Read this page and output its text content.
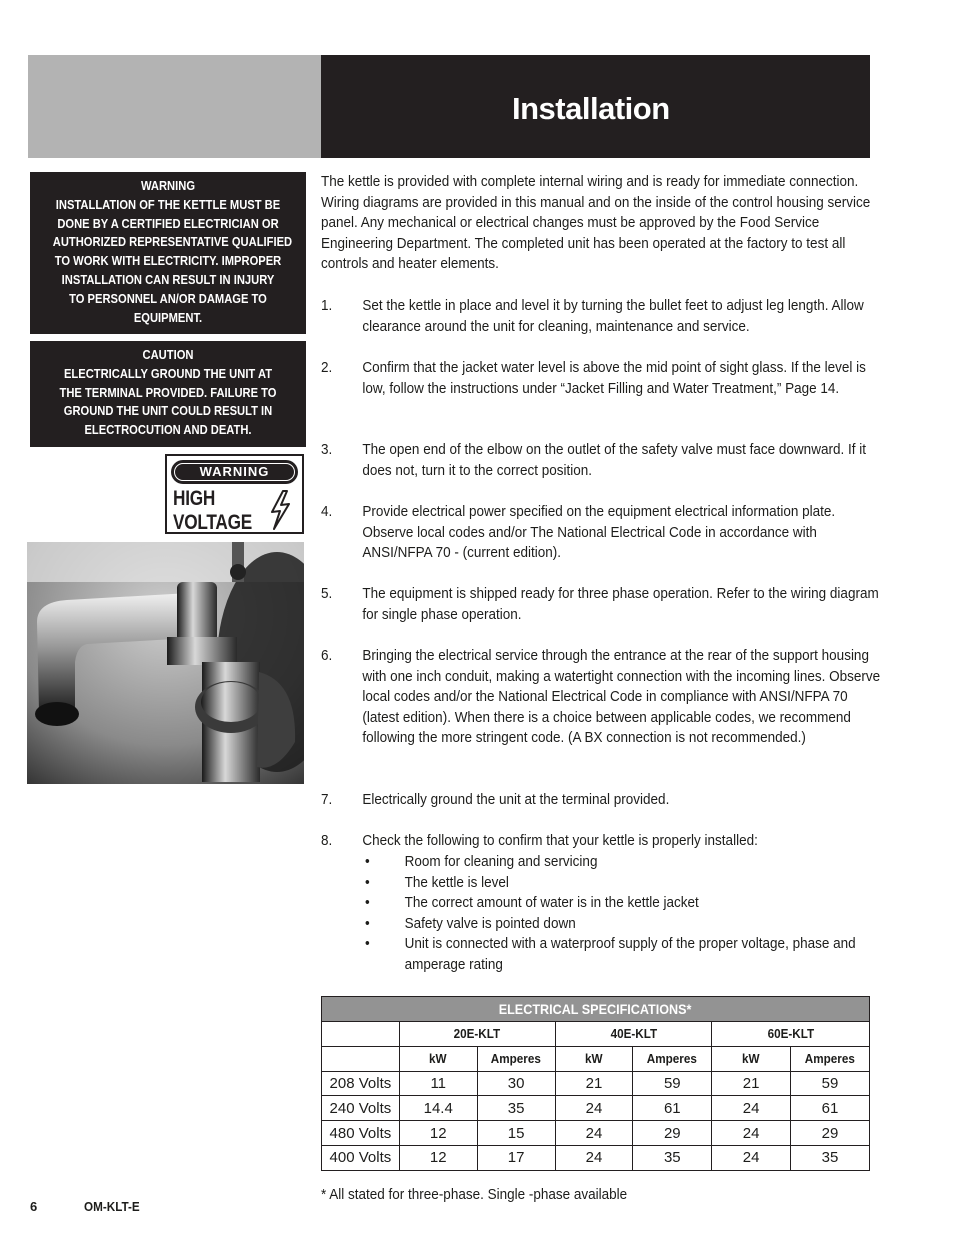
Installation
WARNING
INSTALLATION OF THE KETTLE MUST BE
DONE BY A CERTIFIED ELECTRICIAN OR
AUTHORIZED REPRESENTATIVE QUALIFIED
TO WORK WITH ELECTRICITY. IMPROPER
INSTALLATION CAN RESULT IN INJURY
TO PERSONNEL AN/OR DAMAGE TO
EQUIPMENT.
CAUTION
ELECTRICALLY GROUND THE UNIT AT
THE TERMINAL PROVIDED. FAILURE TO
GROUND THE UNIT COULD RESULT IN
ELECTROCUTION AND DEATH.
WARNING
HIGH
VOLTAGE
The kettle is provided with complete internal wiring and is ready for immediate connection. Wiring diagrams are provided in this manual and on the inside of the control housing service panel. Any mechanical or electrical changes must be approved by the Food Service Engineering Department. The completed unit has been operated at the factory to test all controls and heater elements.
1. Set the kettle in place and level it by turning the bullet feet to adjust leg length. Allow clearance around the unit for cleaning, maintenance and service.
2. Confirm that the jacket water level is above the mid point of sight glass. If the level is low, follow the instructions under “Jacket Filling and Water Treatment,” Page 14.
3. The open end of the elbow on the outlet of the safety valve must face downward. If it does not, turn it to the correct position.
4. Provide electrical power specified on the equipment electrical information plate. Observe local codes and/or The National Electrical Code in accordance with ANSI/NFPA 70 - (current edition).
5. The equipment is shipped ready for three phase operation. Refer to the wiring diagram for single phase operation.
6. Bringing the electrical service through the entrance at the rear of the support housing with one inch conduit, making a watertight connection with the incoming lines. Observe local codes and/or the National Electrical Code in compliance with ANSI/NFPA 70 (latest edition). When there is a choice between applicable codes, we recommend following the more stringent code. (A BX connection is not recommended.)
7. Electrically ground the unit at the terminal provided.
8. Check the following to confirm that your kettle is properly installed:
• Room for cleaning and servicing
• The kettle is level
• The correct amount of water is in the kettle jacket
• Safety valve is pointed down
• Unit is connected with a waterproof supply of the proper voltage, phase and amperage rating
ELECTRICAL SPECIFICATIONS*						
	20E-KLT		40E-KLT		60E-KLT	
	kW	Amperes	kW	Amperes	kW	Amperes
208 Volts	11	30	21	59	21	59
240 Volts	14.4	35	24	61	24	61
480 Volts	12	15	24	29	24	29
400 Volts	12	17	24	35	24	35
* All stated for three-phase. Single -phase available
6	OM-KLT-E
